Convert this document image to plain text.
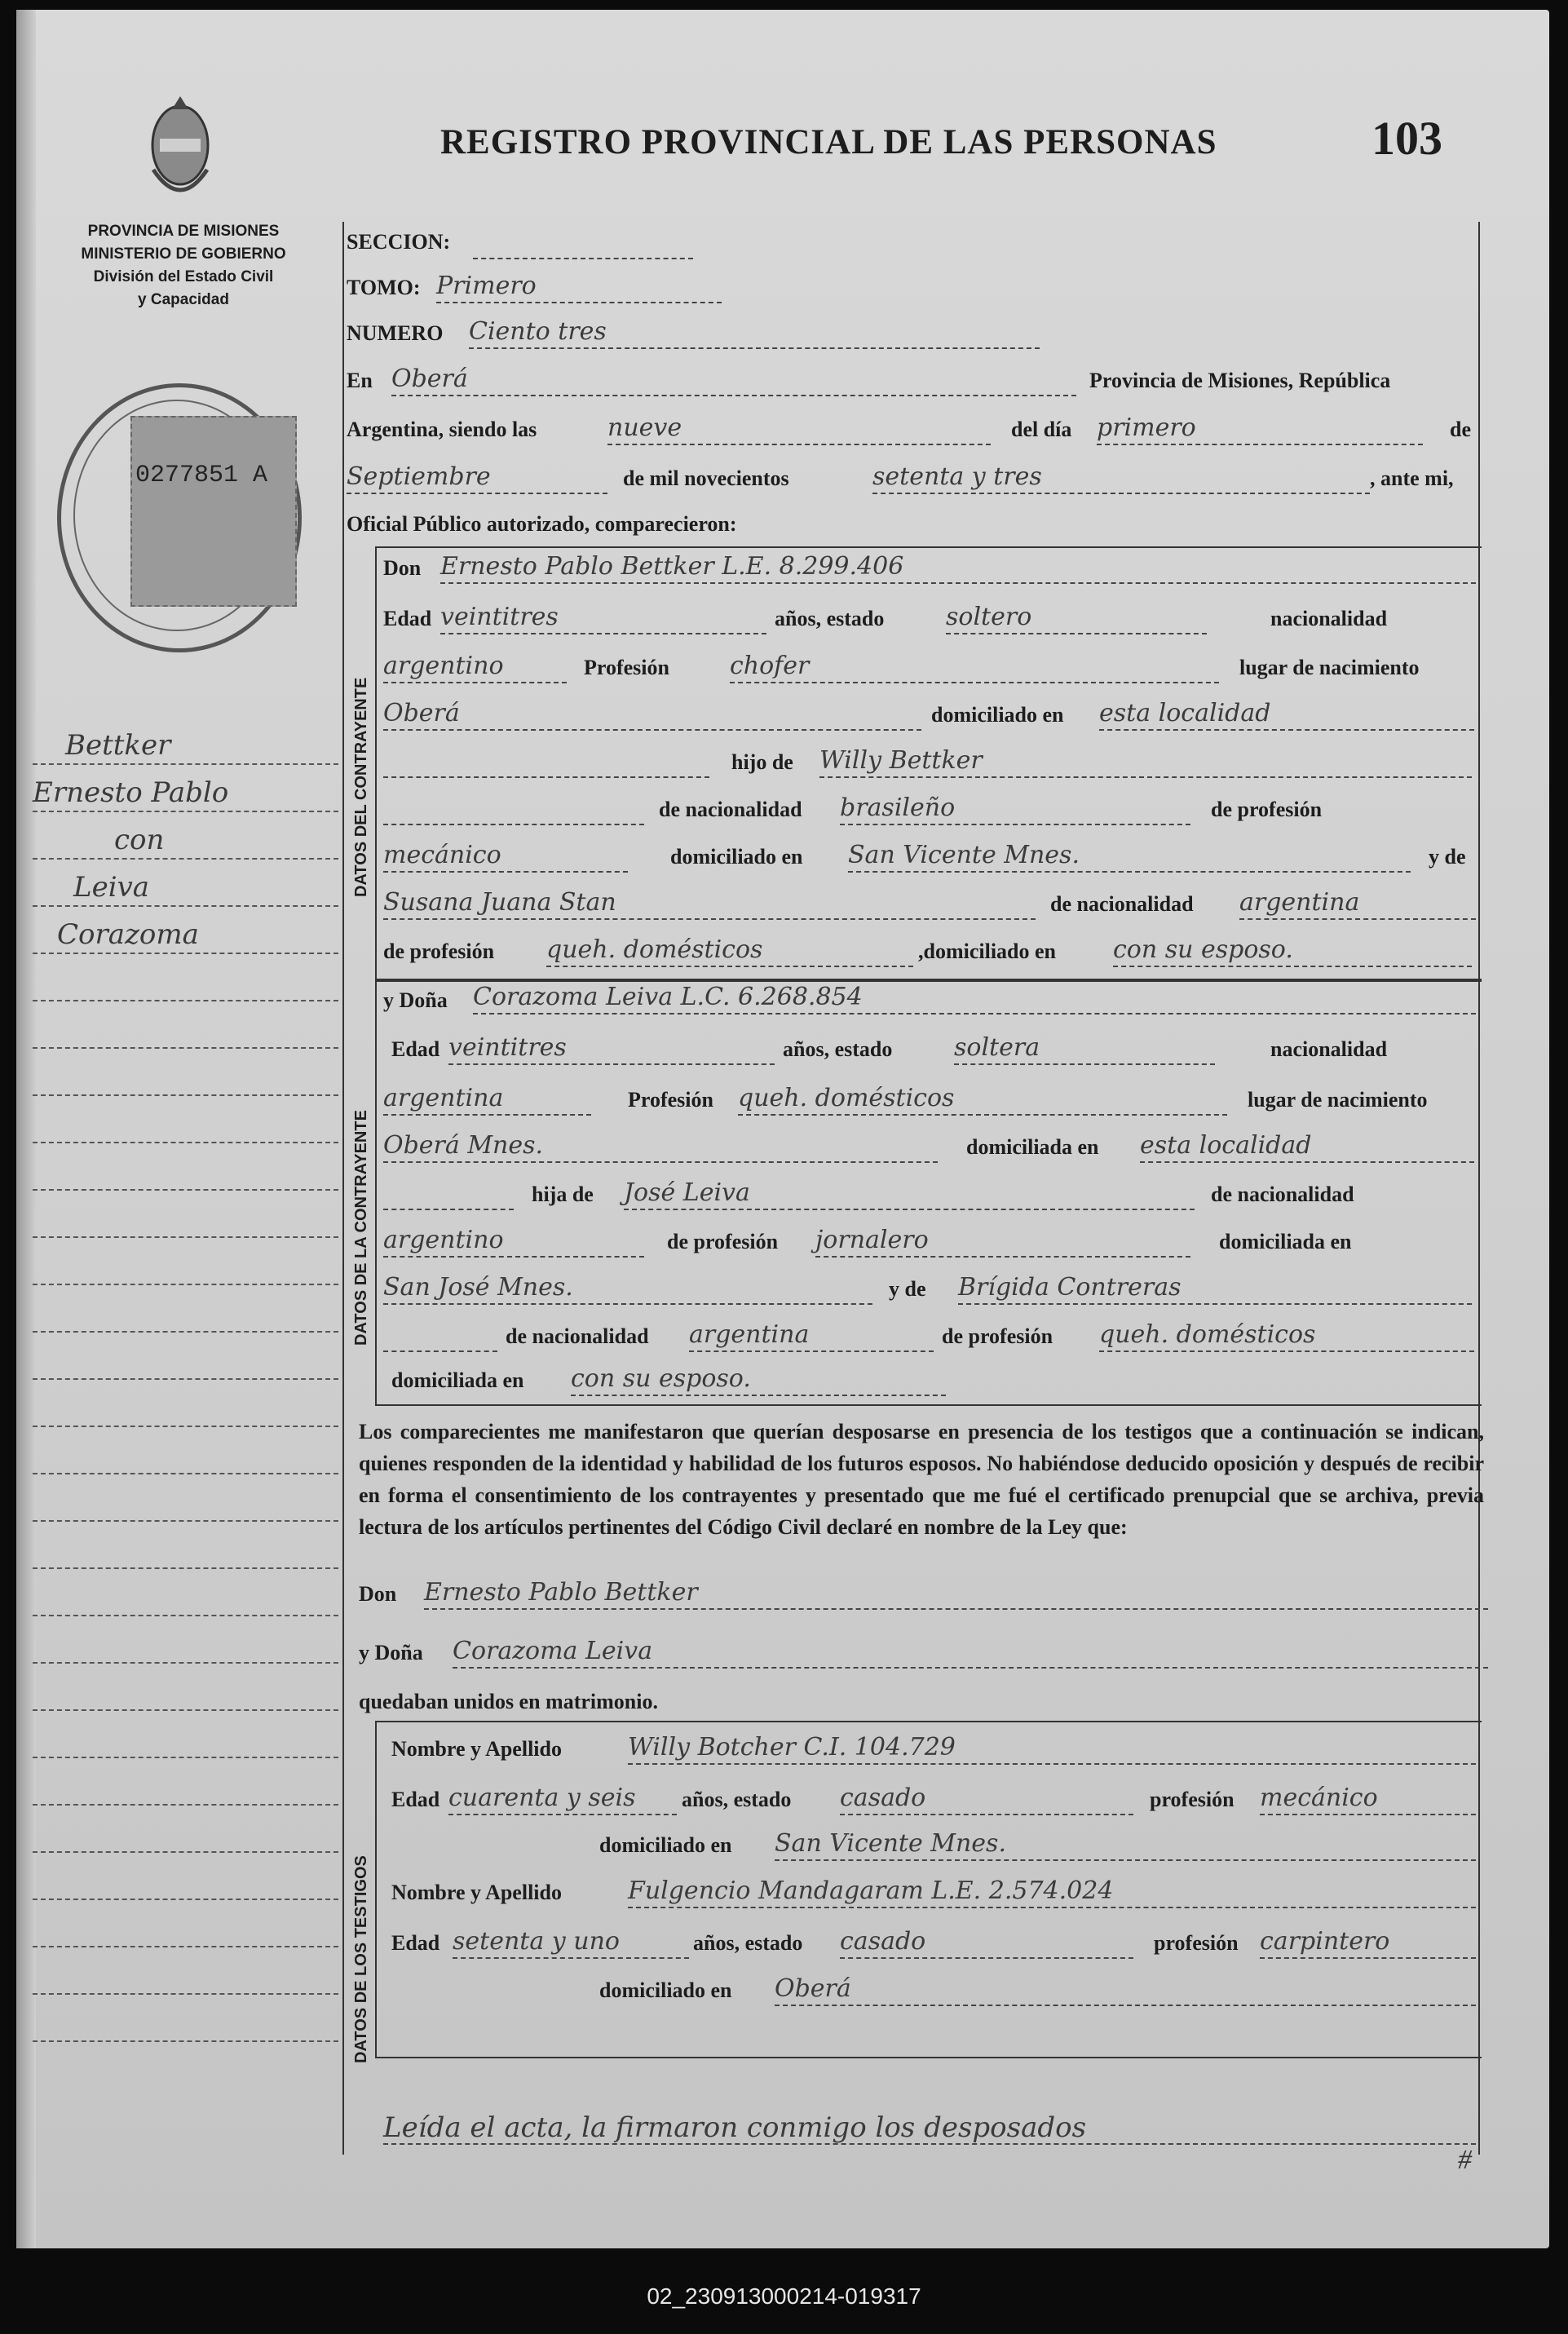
REGISTRO PROVINCIAL DE LAS PERSONAS	103
PROVINCIA DE MISIONES
MINISTERIO DE GOBIERNO
División del Estado Civil
y Capacidad
0277851 A
Bettker
Ernesto Pablo
con
Leiva
Corazoma
SECCION:
TOMO: Primero
NUMERO Ciento tres
En Oberá	Provincia de Misiones, República
Argentina, siendo las	nueve	del día primero	de
Septiembre	de mil novecientos	setenta y tres	, ante mi,
Oficial Público autorizado, comparecieron:
DATOS DEL CONTRAYENTE
Don Ernesto Pablo Bettker L.E. 8.299.406
Edad veintitres	años, estado	soltero	nacionalidad
argentino	Profesión chofer	lugar de nacimiento
Oberá	domiciliado en esta localidad
hijo de Willy Bettker
de nacionalidad brasileño	de profesión
mecánico	domiciliado en San Vicente Mnes.	y de
Susana Juana Stan	de nacionalidad argentina
de profesión queh. domésticos	,domiciliado en con su esposo.
DATOS DE LA CONTRAYENTE
y Doña Corazoma Leiva L.C. 6.268.854
Edad veintitres	años, estado	soltera	nacionalidad
argentina	Profesión queh. domésticos	lugar de nacimiento
Oberá Mnes.	domiciliada en esta localidad
hija de José Leiva	de nacionalidad
argentino	de profesión jornalero	domiciliada en
San José Mnes.	y de Brígida Contreras
de nacionalidad argentina	de profesión queh. domésticos
domiciliada en con su esposo.
Los comparecientes me manifestaron que querían desposarse en presencia de los testigos que a continuación se indican, quienes responden de la identidad y habilidad de los futuros esposos. No habiéndose deducido oposición y después de recibir en forma el consentimiento de los contrayentes y presentado que me fué el certificado prenupcial que se archiva, previa lectura de los artículos pertinentes del Código Civil declaré en nombre de la Ley que:
Don Ernesto Pablo Bettker
y Doña Corazoma Leiva
quedaban unidos en matrimonio.
DATOS DE LOS TESTIGOS
Nombre y Apellido	Willy Botcher C.I. 104.729
Edad cuarenta y seis	años, estado casado	profesión mecánico
domiciliado en San Vicente Mnes.
Nombre y Apellido	Fulgencio Mandagaram L.E. 2.574.024
Edad setenta y uno	años, estado casado	profesión carpintero
domiciliado en Oberá
Leída el acta, la firmaron conmigo los desposados
#
02_230913000214-019317
